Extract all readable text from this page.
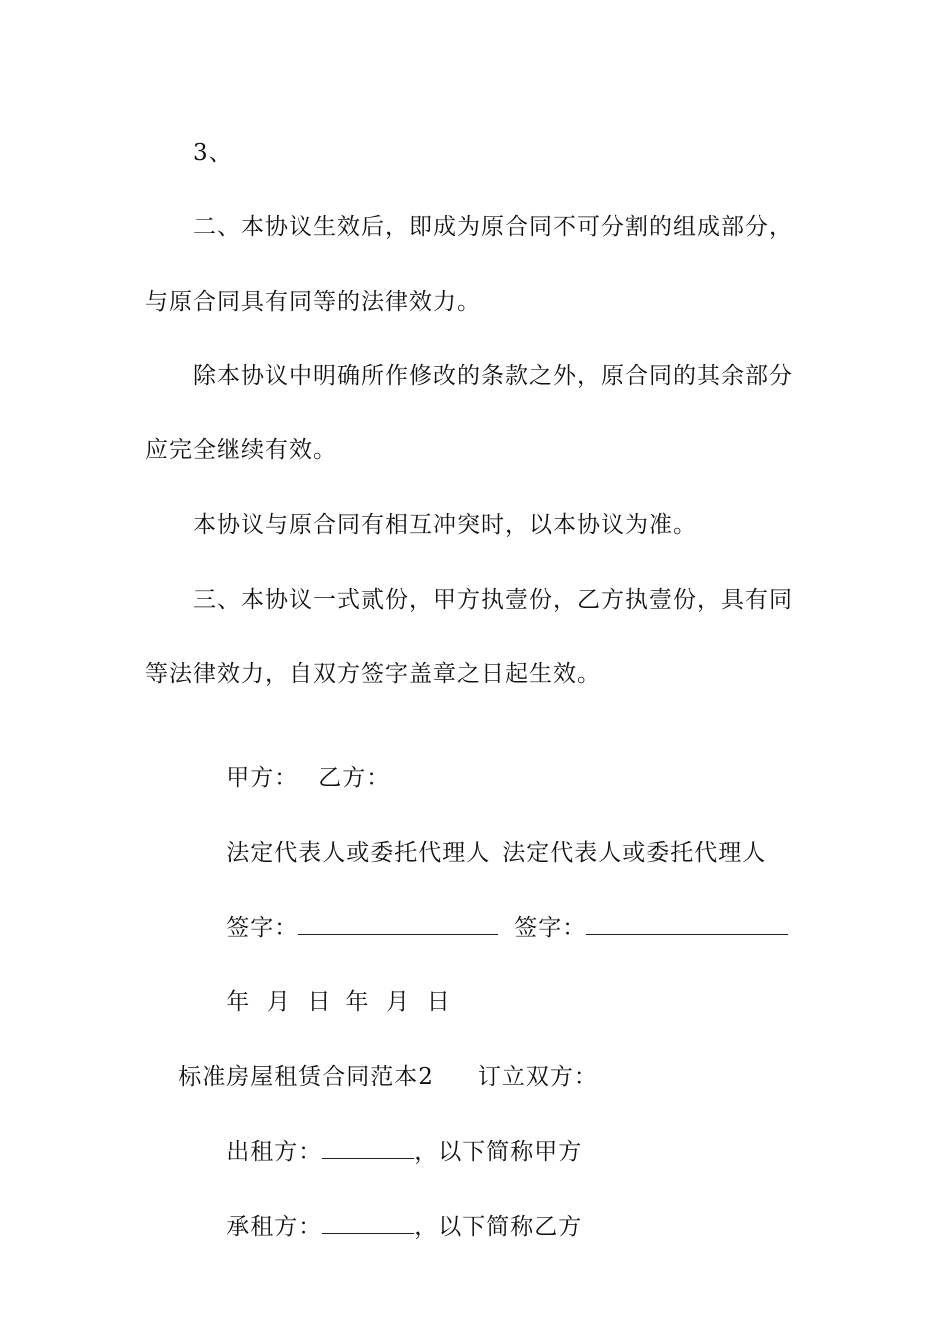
3、
二、本协议生效后，即成为原合同不可分割的组成部分，
与原合同具有同等的法律效力。
除本协议中明确所作修改的条款之外，原合同的其余部分
应完全继续有效。
本协议与原合同有相互冲突时，以本协议为准。
三、本协议一式贰份，甲方执壹份，乙方执壹份，具有同
等法律效力，自双方签字盖章之日起生效。

甲方： 乙方：

法定代表人或委托代理人 法定代表人或委托代理人

签字：	签字：

年  月  日 年  月  日

标准房屋租赁合同范本2 订立双方：

出租方：	，以下简称甲方

承租方：	，以下简称乙方
